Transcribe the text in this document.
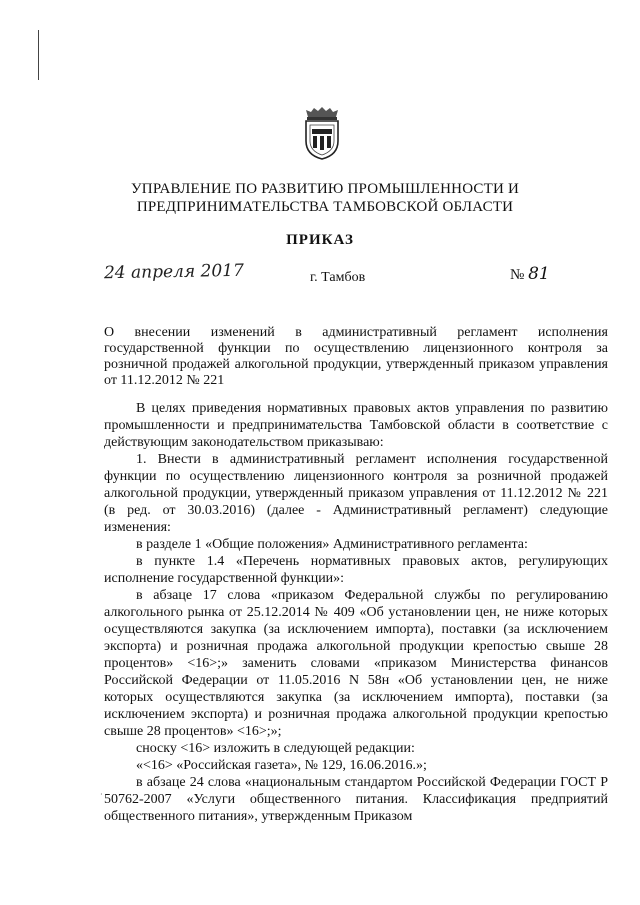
УПРАВЛЕНИЕ ПО РАЗВИТИЮ ПРОМЫШЛЕННОСТИ И
ПРЕДПРИНИМАТЕЛЬСТВА ТАМБОВСКОЙ ОБЛАСТИ
ПРИКАЗ
24 апреля 2017	г. Тамбов	№ 81
О внесении изменений в административный регламент исполнения государственной функции по осуществлению лицензионного контроля за розничной продажей алкогольной продукции, утвержденный приказом управления от 11.12.2012 № 221

В целях приведения нормативных правовых актов управления по развитию промышленности и предпринимательства Тамбовской области в соответствие с действующим законодательством приказываю:

1. Внести в административный регламент исполнения государственной функции по осуществлению лицензионного контроля за розничной продажей алкогольной продукции, утвержденный приказом управления от 11.12.2012 № 221 (в ред. от 30.03.2016) (далее - Административный регламент) следующие изменения:

в разделе 1 «Общие положения» Административного регламента:

в пункте 1.4 «Перечень нормативных правовых актов, регулирующих исполнение государственной функции»:

в абзаце 17 слова «приказом Федеральной службы по регулированию алкогольного рынка от 25.12.2014 № 409 «Об установлении цен, не ниже которых осуществляются закупка (за исключением импорта), поставки (за исключением экспорта) и розничная продажа алкогольной продукции крепостью свыше 28 процентов» <16>;» заменить словами «приказом Министерства финансов Российской Федерации от 11.05.2016 N 58н «Об установлении цен, не ниже которых осуществляются закупка (за исключением импорта), поставки (за исключением экспорта) и розничная продажа алкогольной продукции крепостью свыше 28 процентов» <16>;»;

сноску <16> изложить в следующей редакции:

«<16> «Российская газета», № 129, 16.06.2016.»;

в абзаце 24 слова «национальным стандартом Российской Федерации ГОСТ Р 50762-2007 «Услуги общественного питания. Классификация предприятий общественного питания», утвержденным Приказом

·
